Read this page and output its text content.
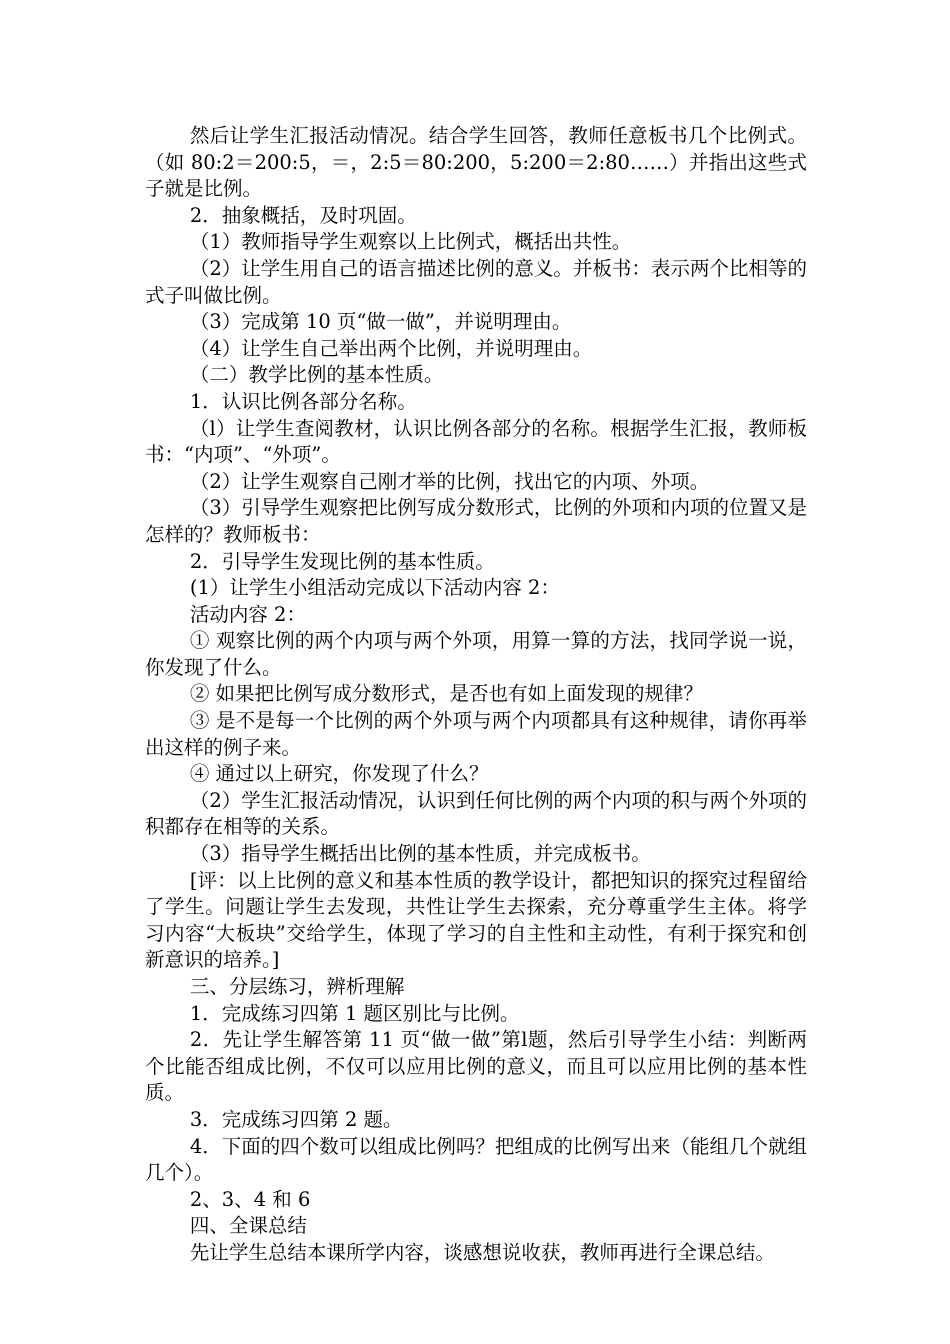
然后让学生汇报活动情况。结合学生回答，教师任意板书几个比例式。（如 80:2＝200:5，＝，2:5＝80:200，5:200＝2:80……）并指出这些式子就是比例。

2．抽象概括，及时巩固。

（1）教师指导学生观察以上比例式，概括出共性。

（2）让学生用自己的语言描述比例的意义。并板书：表示两个比相等的式子叫做比例。

（3）完成第 10 页“做一做”，并说明理由。

（4）让学生自己举出两个比例，并说明理由。

（二）教学比例的基本性质。

1．认识比例各部分名称。

（l）让学生查阅教材，认识比例各部分的名称。根据学生汇报，教师板书：“内项”、“外项”。

（2）让学生观察自己刚才举的比例，找出它的内项、外项。

（3）引导学生观察把比例写成分数形式，比例的外项和内项的位置又是怎样的？教师板书：

2．引导学生发现比例的基本性质。

(1）让学生小组活动完成以下活动内容 2：

活动内容 2：

① 观察比例的两个内项与两个外项，用算一算的方法，找同学说一说，你发现了什么。

② 如果把比例写成分数形式，是否也有如上面发现的规律？

③ 是不是每一个比例的两个外项与两个内项都具有这种规律，请你再举出这样的例子来。

④ 通过以上研究，你发现了什么？

（2）学生汇报活动情况，认识到任何比例的两个内项的积与两个外项的积都存在相等的关系。

（3）指导学生概括出比例的基本性质，并完成板书。

[评：以上比例的意义和基本性质的教学设计，都把知识的探究过程留给了学生。问题让学生去发现，共性让学生去探索，充分尊重学生主体。将学习内容“大板块”交给学生，体现了学习的自主性和主动性，有利于探究和创新意识的培养。]

三、分层练习，辨析理解

1．完成练习四第 1 题区别比与比例。

2．先让学生解答第 11 页“做一做”第l题，然后引导学生小结：判断两个比能否组成比例，不仅可以应用比例的意义，而且可以应用比例的基本性质。

3．完成练习四第 2 题。

4．下面的四个数可以组成比例吗？把组成的比例写出来（能组几个就组几个）。

2、3、4 和 6

四、全课总结

先让学生总结本课所学内容，谈感想说收获，教师再进行全课总结。
